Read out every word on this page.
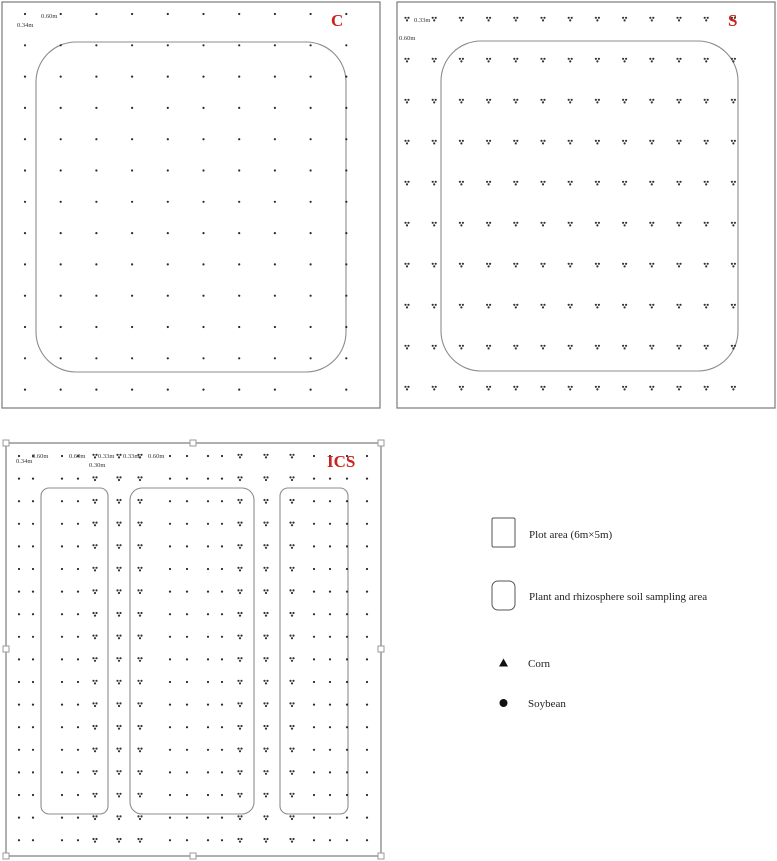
C
0.60m
0.34m	S
0.33m
0.60m
ICS
0.34m
0.60m	0.60m 0.33m 0.33m 0.60m
0.30m
Plot area (6m×5m)
Plant and rhizosphere soil sampling area
Corn
Soybean
